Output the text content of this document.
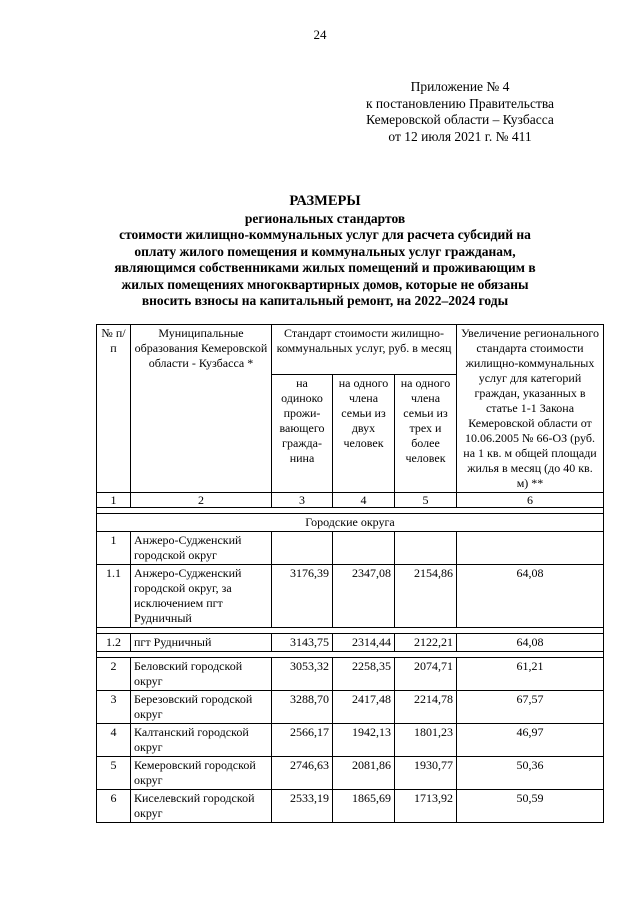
24
Приложение № 4
к постановлению Правительства
Кемеровской области – Кузбасса
от 12 июля 2021 г. № 411
РАЗМЕРЫ
региональных стандартов
стоимости жилищно-коммунальных услуг для расчета субсидий на
оплату жилого помещения и коммунальных услуг гражданам,
являющимся собственниками жилых помещений и проживающим в
жилых помещениях многоквартирных домов, которые не обязаны
вносить взносы на капитальный ремонт, на 2022–2024 годы
№ п/п	Муниципальные образования Кемеровской области - Кузбасса *	Стандарт стоимости жилищно-коммунальных услуг, руб. в месяц			Увеличение регионального стандарта стоимости жилищно-коммунальных услуг для категорий граждан, указанных в статье 1-1 Закона Кемеровской области от 10.06.2005 № 66-ОЗ (руб. на 1 кв. м общей площади жилья в месяц (до 40 кв. м) **
		на одиноко прожи-вающего гражда-нина	на одного члена семьи из двух человек	на одного члена семьи из трех и более человек	
1	2	3	4	5	6

Городские округа					
1	Анжеро-Судженский городской округ				
1.1	Анжеро-Судженский городской округ, за исключением пгт Рудничный	3176,39	2347,08	2154,86	64,08

1.2	пгт Рудничный	3143,75	2314,44	2122,21	64,08

2	Беловский городской округ	3053,32	2258,35	2074,71	61,21
3	Березовский городской округ	3288,70	2417,48	2214,78	67,57
4	Калтанский городской округ	2566,17	1942,13	1801,23	46,97
5	Кемеровский городской округ	2746,63	2081,86	1930,77	50,36
6	Киселевский городской округ	2533,19	1865,69	1713,92	50,59
